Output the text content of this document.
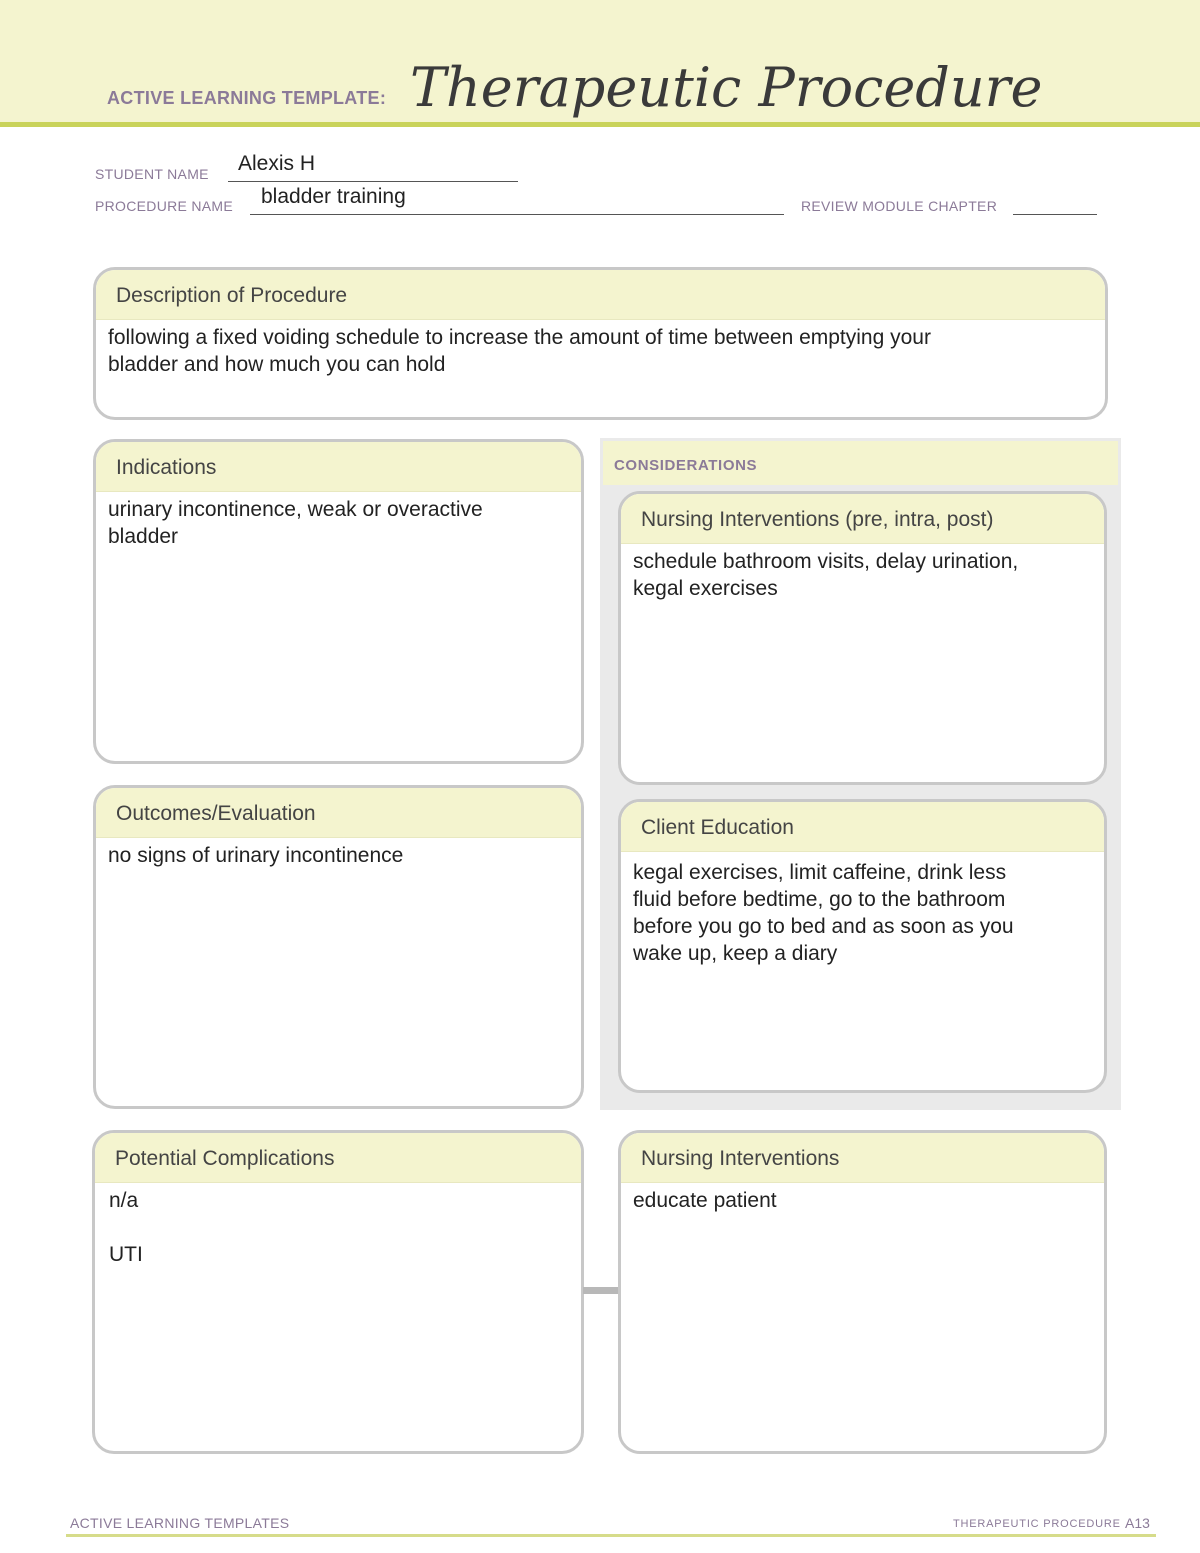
ACTIVE LEARNING TEMPLATE: Therapeutic Procedure
STUDENT NAME Alexis H
PROCEDURE NAME bladder training	REVIEW MODULE CHAPTER
Description of Procedure
following a fixed voiding schedule to increase the amount of time between emptying your
bladder and how much you can hold
Indications
urinary incontinence, weak or overactive
bladder
Outcomes/Evaluation
no signs of urinary incontinence
CONSIDERATIONS
Nursing Interventions (pre, intra, post)
schedule bathroom visits, delay urination,
kegal exercises
Client Education
kegal exercises, limit caffeine, drink less
fluid before bedtime, go to the bathroom
before you go to bed and as soon as you
wake up, keep a diary
Potential Complications
n/a
UTI
Nursing Interventions
educate patient
ACTIVE LEARNING TEMPLATES	THERAPEUTIC PROCEDURE A13
